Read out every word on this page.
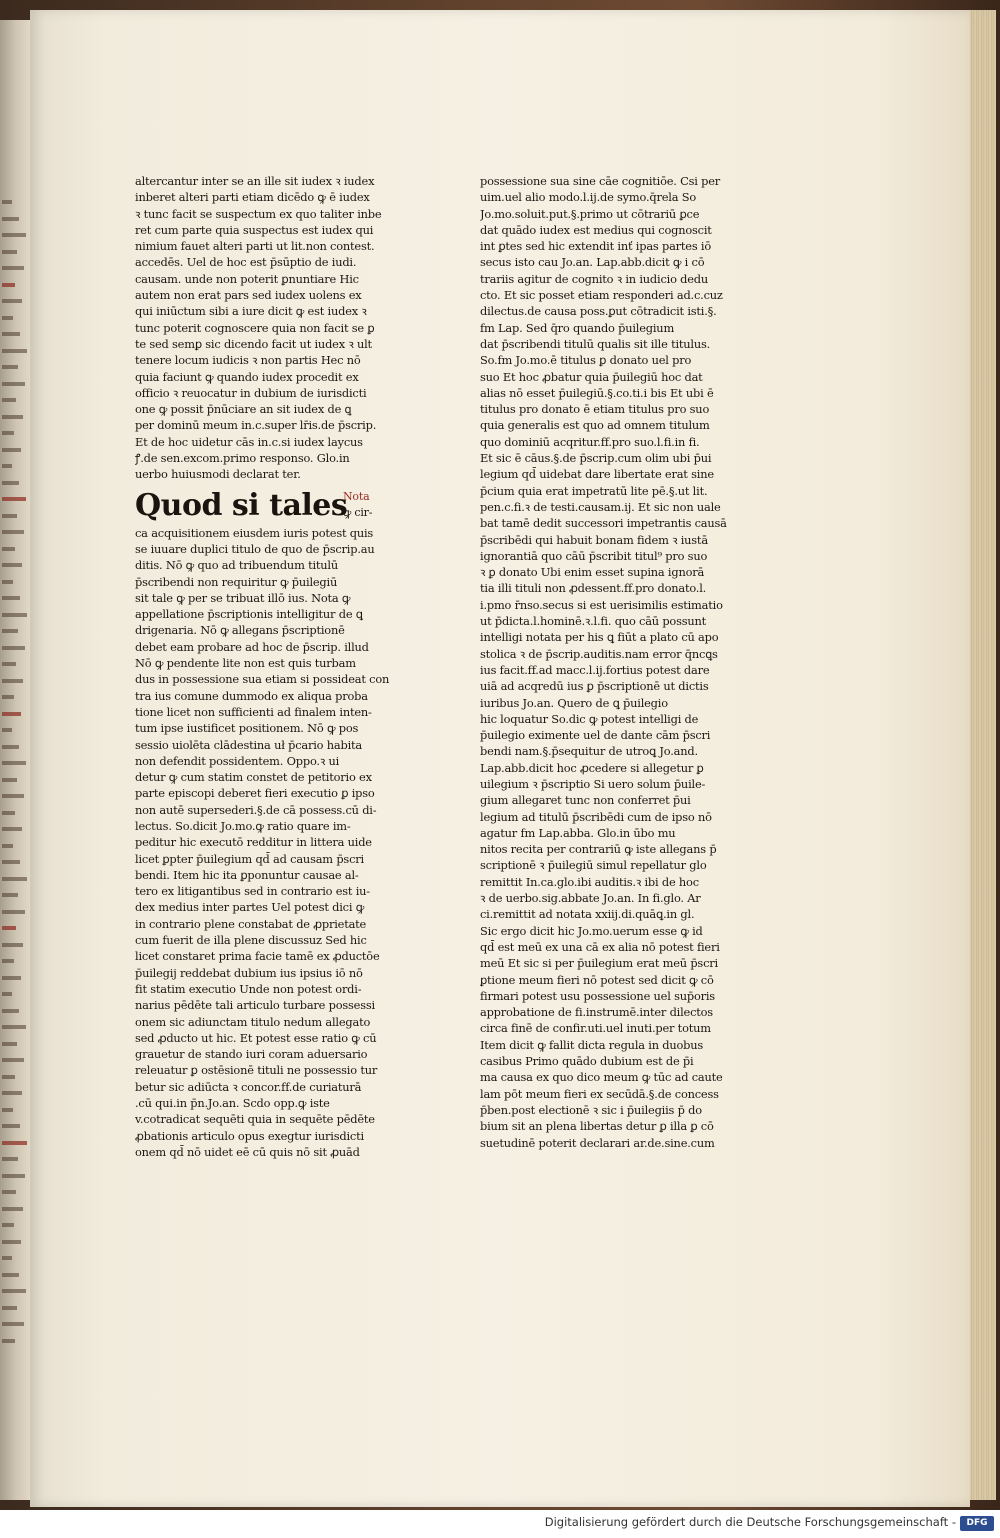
altercantur inter se an ille sit iudex ꝛ iudex
inberet alteri parti etiam dicēdo ꝙ ē iudex
ꝛ tunc facit se suspectum ex quo taliter inbe
ret cum parte quia suspectus est iudex qui
nimium fauet alteri parti ut lit.non contest.
accedēs. Uel de hoc est p̄sūptio de iudi.
causam. unde non poterit ꝑnuntiare Hic
autem non erat pars sed iudex uolens ex
qui iniūctum sibi a iure dicit ꝙ est iudex ꝛ
tunc poterit cognoscere quia non facit se ꝑ
te sed semꝑ sic dicendo facit ut iudex ꝛ ult
tenere locum iudicis ꝛ non partis Hec nō
quia faciunt ꝙ quando iudex procedit ex
officio ꝛ reuocatur in dubium de iurisdicti
one ꝙ possit p̄nūciare an sit iudex de ꝗ
per dominū meum in.c.super lr̄is.de p̄scrip.
Et de hoc uidetur cās in.c.si iudex laycus
ꝭ.de sen.excom.primo responso. Glo.in
uerbo huiusmodi declarat ter.
Quod si tales
Nota
ꝙ cir-
ca acquisitionem eiusdem iuris potest quis
se iuuare duplici titulo de quo de p̄scrip.au
ditis. Nō ꝙ quo ad tribuendum titulū
p̄scribendi non requiritur ꝙ p̄uilegiū
sit tale ꝙ per se tribuat illō ius. Nota ꝙ
appellatione p̄scriptionis intelligitur de ꝗ
drigenaria. Nō ꝙ allegans p̄scriptionē
debet eam probare ad hoc de p̄scrip. illud
Nō ꝙ pendente lite non est quis turbam
dus in possessione sua etiam si possideat con
tra ius comune dummodo ex aliqua proba
tione licet non sufficienti ad finalem inten-
tum ipse iustificet positionem. Nō ꝙ pos
sessio uiolēta clādestina uł p̄cario habita
non defendit possidentem. Oppo.ꝛ ui
detur ꝙ cum statim constet de petitorio ex
parte episcopi deberet fieri executio ꝑ ipso
non autē supersederi.§.de cā possess.cū di-
lectus. So.dicit Jo.mo.ꝙ ratio quare im-
peditur hic executō redditur in littera uide
licet ꝑpter p̄uilegium qd̄ ad causam p̄scri
bendi. Item hic ita ꝑponuntur causae al-
tero ex litigantibus sed in contrario est iu-
dex medius inter partes Uel potest dici ꝙ
in contrario plene constabat de ꝓprietate
cum fuerit de illa plene discussuz Sed hic
licet constaret prima facie tamē ex ꝓductōe
p̄uilegij reddebat dubium ius ipsius iō nō
fit statim executio Unde non potest ordi-
narius pēdēte tali articulo turbare possessi
onem sic adiunctam titulo nedum allegato
sed ꝓducto ut hic. Et potest esse ratio ꝙ cū
grauetur de stando iuri coram aduersario
releuatur ꝑ ostēsionē tituli ne possessio tur
betur sic adiūcta ꝛ concor.ff.de curiaturā
.cū qui.in p̄n.Jo.an. Scdo opp.ꝙ iste
v.cotradicat sequēti quia in sequēte pēdēte
ꝓbationis articulo opus exegtur iurisdicti
onem qd̄ nō uidet eē cū quis nō sit ꝓuād
possessione sua sine cāe cognitiōe. Csi per
uim.uel alio modo.l.ij.de symo.q̄rela So
Jo.mo.soluit.put.§.primo ut cōtrariū ꝑce
dat quādo iudex est medius qui cognoscit
int ꝑtes sed hic extendit inť ipas partes iō
secus isto cau Jo.an. Lap.abb.dicit ꝙ i cō
trariis agitur de cognito ꝛ in iudicio dedu
cto. Et sic posset etiam responderi ad.c.cuz
dilectus.de causa poss.ꝑut cōtradicit isti.§.
fm Lap. Sed q̄ro quando p̄uilegium
dat p̄scribendi titulū qualis sit ille titulus.
So.fm Jo.mo.ē titulus ꝑ donato uel pro
suo Et hoc ꝓbatur quia p̄uilegiū hoc dat
alias nō esset p̄uilegiū.§.co.ti.i bis Et ubi ē
titulus pro donato ē etiam titulus pro suo
quia generalis est quo ad omnem titulum
quo dominiū acqritur.ff.pro suo.l.fi.in fi.
Et sic ē cāus.§.de p̄scrip.cum olim ubi p̄ui
legium qd̄ uidebat dare libertate erat sine
p̄cium quia erat impetratū lite pē.§.ut lit.
pen.c.fi.ꝛ de testi.causam.ij. Et sic non uale
bat tamē dedit successori impetrantis causā
p̄scribēdi qui habuit bonam fidem ꝛ iustā
ignorantiā quo cāū p̄scribit titul⁹ pro suo
ꝛ ꝑ donato Ubi enim esset supina ignorā
tia illi tituli non ꝓdessent.ff.pro donato.l.
i.pmo r̄nso.secus si est uerisimilis estimatio
ut p̄dicta.l.hominē.ꝛ.l.fi. quo cāū possunt
intelligi notata per his ꝗ fiūt a plato cū apo
stolica ꝛ de p̄scrip.auditis.nam error q̄ncꝗs
ius facit.ff.ad macc.l.ij.fortius potest dare
uiā ad acqredū ius ꝑ p̄scriptionē ut dictis
iuribus Jo.an. Quero de ꝗ p̄uilegio
hic loquatur So.dic ꝙ potest intelligi de
p̄uilegio eximente uel de dante cām p̄scri
bendi nam.§.p̄sequitur de utroꝗ Jo.and.
Lap.abb.dicit hoc ꝓcedere si allegetur ꝑ
uilegium ꝛ p̄scriptio Si uero solum p̄uile-
gium allegaret tunc non conferret p̄ui
legium ad titulū p̄scribēdi cum de ipso nō
agatur fm Lap.abba. Glo.in ūbo mu
nitos recita per contrariū ꝙ iste allegans p̄
scriptionē ꝛ p̄uilegiū simul repellatur glo
remittit In.ca.glo.ibi auditis.ꝛ ibi de hoc
ꝛ de uerbo.sig.abbate Jo.an. In fi.glo. Ar
ci.remittit ad notata xxiij.di.quāꝗ.in gl.
Sic ergo dicit hic Jo.mo.uerum esse ꝙ id
qd̄ est meū ex una cā ex alia nō potest fieri
meū Et sic si per p̄uilegium erat meū p̄scri
ꝑtione meum fieri nō potest sed dicit ꝙ cō
firmari potest usu possessione uel sup̄oris
approbatione de fi.instrumē.inter dilectos
circa finē de confir.uti.uel inuti.per totum
Item dicit ꝙ fallit dicta regula in duobus
casibus Primo quādo dubium est de p̄i
ma causa ex quo dico meum ꝙ tūc ad caute
lam pōt meum fieri ex secūdā.§.de concess
p̄ben.post electionē ꝛ sic i p̄uilegiis p̄ do
bium sit an plena libertas detur ꝑ illa ꝑ cō
suetudinē poterit declarari ar.de.sine.cum
Digitalisierung gefördert durch die Deutsche Forschungsgemeinschaft -	DFG
